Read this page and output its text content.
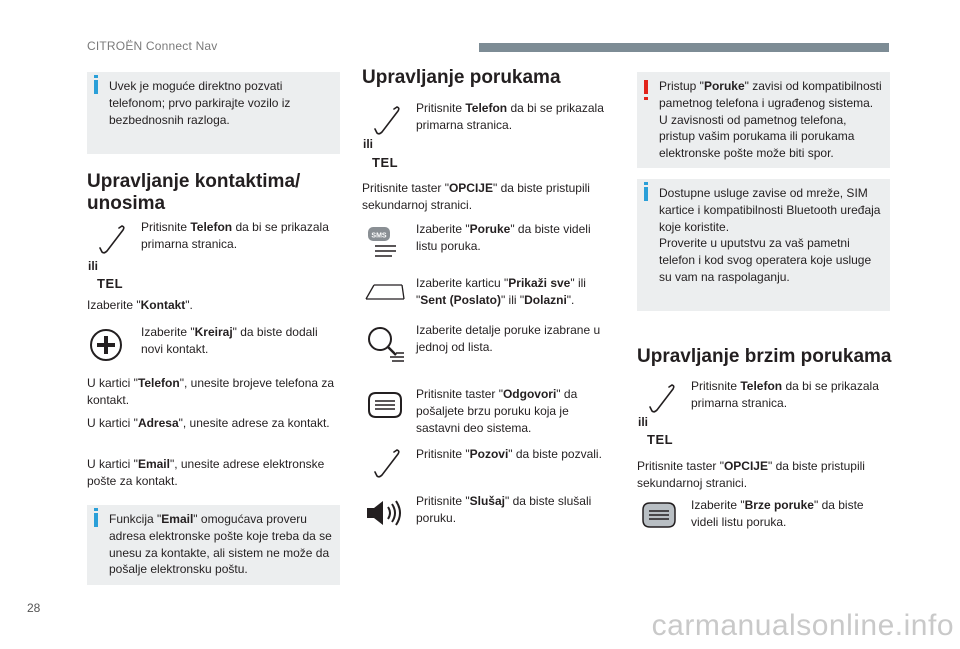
CITROËN Connect Nav

Uvek je moguće direktno pozvati telefonom; prvo parkirajte vozilo iz bezbednosnih razloga.

Upravljanje kontaktima/ unosima

Pritisnite Telefon da bi se prikazala primarna stranica.

ili
TEL

Izaberite "Kontakt".

Izaberite "Kreiraj" da biste dodali novi kontakt.

U kartici "Telefon", unesite brojeve telefona za kontakt.

U kartici "Adresa", unesite adrese za kontakt.

U kartici "Email", unesite adrese elektronske pošte za kontakt.

Funkcija "Email" omogućava proveru adresa elektronske pošte koje treba da se unesu za kontakte, ali sistem ne može da pošalje elektronsku poštu.

Upravljanje porukama

Pritisnite Telefon da bi se prikazala primarna stranica.

ili
TEL

Pritisnite taster "OPCIJE" da biste pristupili sekundarnoj stranici.

SMS Izaberite "Poruke" da biste videli listu poruka.

Izaberite karticu "Prikaži sve" ili "Sent (Poslato)" ili "Dolazni".

Izaberite detalje poruke izabrane u jednoj od lista.

Pritisnite taster "Odgovori" da pošaljete brzu poruku koja je sastavni deo sistema.

Pritisnite "Pozovi" da biste pozvali.

Pritisnite "Slušaj" da biste slušali poruku.

Pristup "Poruke" zavisi od kompatibilnosti pametnog telefona i ugrađenog sistema.

U zavisnosti od pametnog telefona, pristup vašim porukama ili porukama elektronske pošte može biti spor.

Dostupne usluge zavise od mreže, SIM kartice i kompatibilnosti Bluetooth uređaja koje koristite.

Proverite u uputstvu za vaš pametni telefon i kod svog operatera koje usluge su vam na raspolaganju.

Upravljanje brzim porukama

Pritisnite Telefon da bi se prikazala primarna stranica.

ili
TEL

Pritisnite taster "OPCIJE" da biste pristupili sekundarnoj stranici.

Izaberite "Brze poruke" da biste videli listu poruka.

28
carmanualsonline.info
